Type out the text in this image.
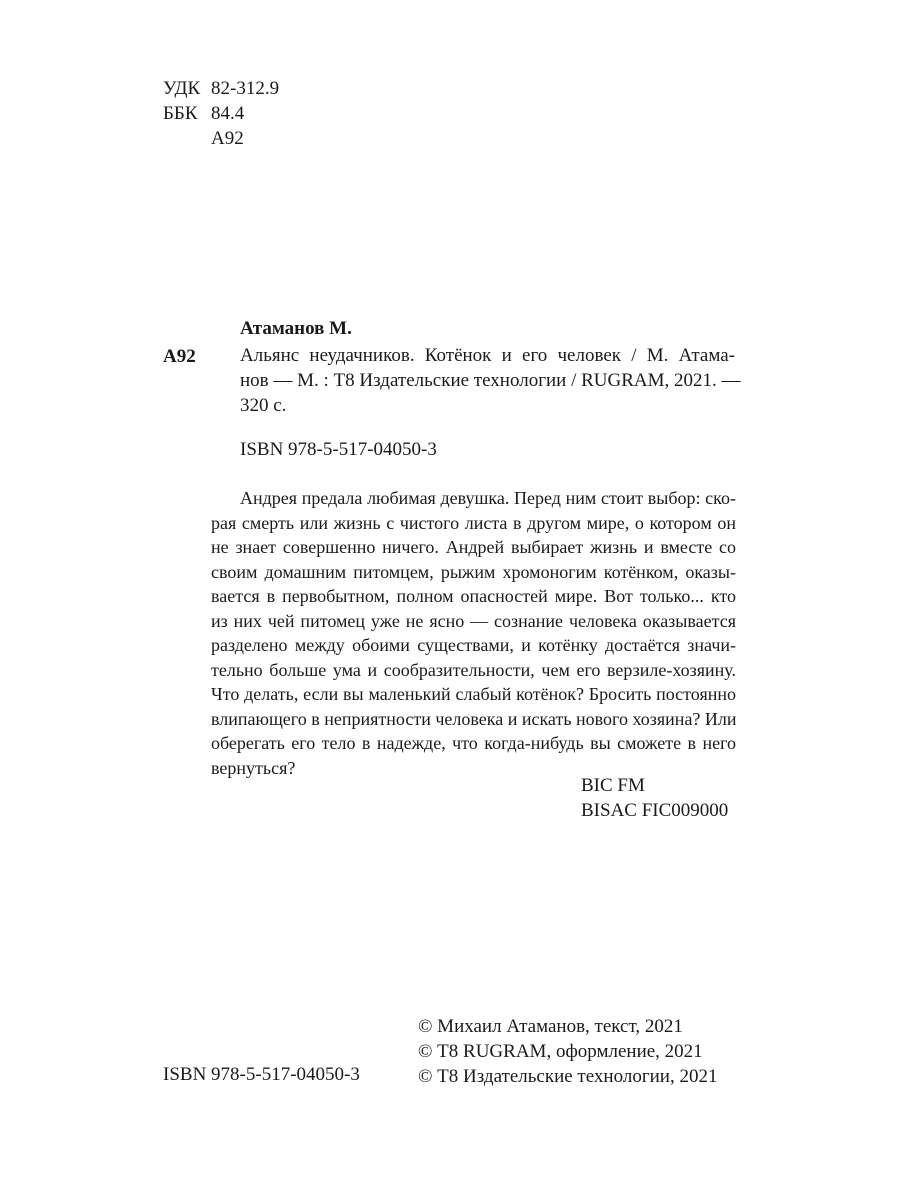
УДК 82-312.9
ББК 84.4
А92
Атаманов М.
А92 Альянс неудачников. Котёнок и его человек / М. Атама-
нов — М. : Т8 Издательские технологии / RUGRAM, 2021. —
320 с.
ISBN 978-5-517-04050-3
Андрея предала любимая девушка. Перед ним стоит выбор: ско-
рая смерть или жизнь с чистого листа в другом мире, о котором он
не знает совершенно ничего. Андрей выбирает жизнь и вместе со
своим домашним питомцем, рыжим хромоногим котёнком, оказы-
вается в первобытном, полном опасностей мире. Вот только... кто
из них чей питомец уже не ясно — сознание человека оказывается
разделено между обоими существами, и котёнку достаётся значи-
тельно больше ума и сообразительности, чем его верзиле-хозяину.
Что делать, если вы маленький слабый котёнок? Бросить постоянно
влипающего в неприятности человека и искать нового хозяина? Или
оберегать его тело в надежде, что когда-нибудь вы сможете в него
вернуться?
BIC FM
BISAC FIC009000
© Михаил Атаманов, текст, 2021
© Т8 RUGRAM, оформление, 2021
© Т8 Издательские технологии, 2021
ISBN 978-5-517-04050-3
